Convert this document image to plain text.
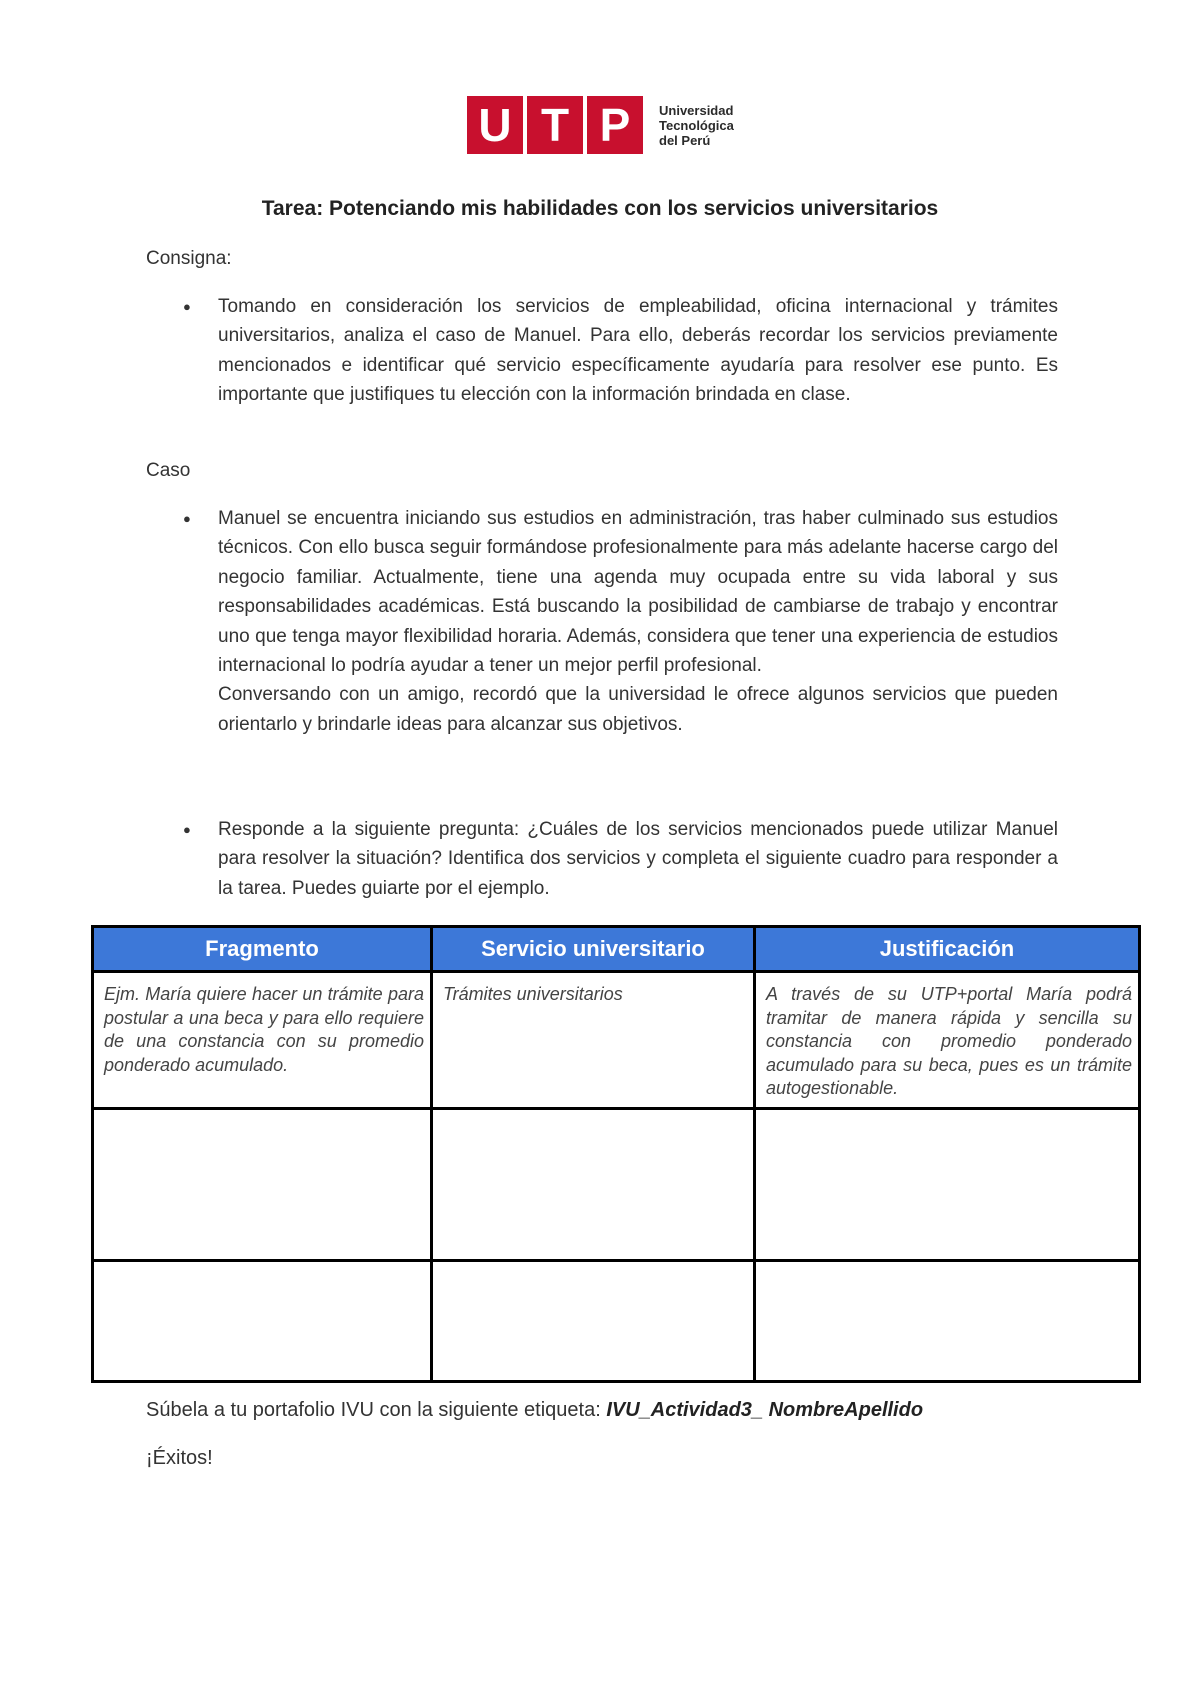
U T P	Universidad
Tecnológica
del Perú
Tarea: Potenciando mis habilidades con los servicios universitarios
Consigna:
● Tomando en consideración los servicios de empleabilidad, oficina internacional y trámites universitarios, analiza el caso de Manuel. Para ello, deberás recordar los servicios previamente mencionados e identificar qué servicio específicamente ayudaría para resolver ese punto. Es importante que justifiques tu elección con la información brindada en clase.
Caso
● Manuel se encuentra iniciando sus estudios en administración, tras haber culminado sus estudios técnicos. Con ello busca seguir formándose profesionalmente para más adelante hacerse cargo del negocio familiar. Actualmente, tiene una agenda muy ocupada entre su vida laboral y sus responsabilidades académicas. Está buscando la posibilidad de cambiarse de trabajo y encontrar uno que tenga mayor flexibilidad horaria. Además, considera que tener una experiencia de estudios internacional lo podría ayudar a tener un mejor perfil profesional.
Conversando con un amigo, recordó que la universidad le ofrece algunos servicios que pueden orientarlo y brindarle ideas para alcanzar sus objetivos.
● Responde a la siguiente pregunta: ¿Cuáles de los servicios mencionados puede utilizar Manuel para resolver la situación? Identifica dos servicios y completa el siguiente cuadro para responder a la tarea. Puedes guiarte por el ejemplo.
Fragmento	Servicio universitario	Justificación
Ejm. María quiere hacer un trámite para postular a una beca y para ello requiere de una constancia con su promedio ponderado acumulado.	Trámites universitarios	A través de su UTP+portal María podrá tramitar de manera rápida y sencilla su constancia con promedio ponderado acumulado para su beca, pues es un trámite autogestionable.

Súbela a tu portafolio IVU con la siguiente etiqueta: IVU_Actividad3_ NombreApellido
¡Éxitos!
